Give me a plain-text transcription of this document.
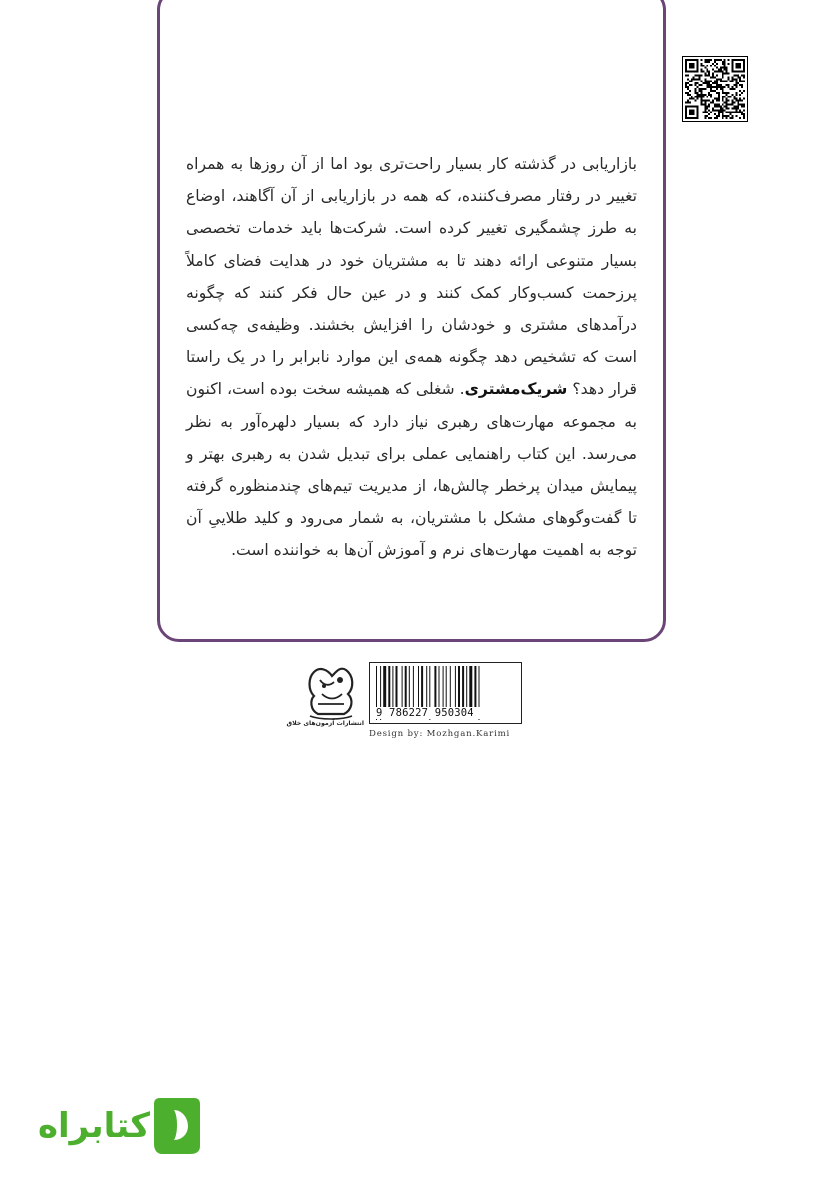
بازاریابی در گذشته کار بسیار راحت‌تری بود اما از آن روزها به همراه تغییر در رفتار مصرف‌کننده، که همه در بازاریابی از آن آگاهند، اوضاع به طرز چشمگیری تغییر کرده است. شرکت‌ها باید خدمات تخصصی بسیار متنوعی ارائه دهند تا به مشتریان خود در هدایت فضای کاملاً پرزحمت کسب‌وکار کمک کنند و در عین حال فکر کنند که چگونه درآمدهای مشتری و خودشان را افزایش بخشند. وظیفه‌ی چه‌کسی است که تشخیص دهد چگونه همه‌ی این موارد نابرابر را در یک راستا قرار دهد؟ شریک‌مشتری. شغلی که همیشه سخت بوده است، اکنون به مجموعه مهارت‌های رهبری نیاز دارد که بسیار دلهره‌آور به نظر می‌رسد. این کتاب راهنمایی عملی برای تبدیل شدن به رهبری بهتر و پیمایش میدان پرخطر چالش‌ها، از مدیریت تیم‌های چندمنظوره گرفته تا گفت‌وگوهای مشکل با مشتریان، به شمار می‌رود و کلید طلاییِ آن توجه به اهمیت مهارت‌های نرم و آموزش آن‌ها به خواننده است.

انتشارات آزمون‌های خلاق
9 786227 950304
Design by: Mozhgan.Karimi
کتابراه
